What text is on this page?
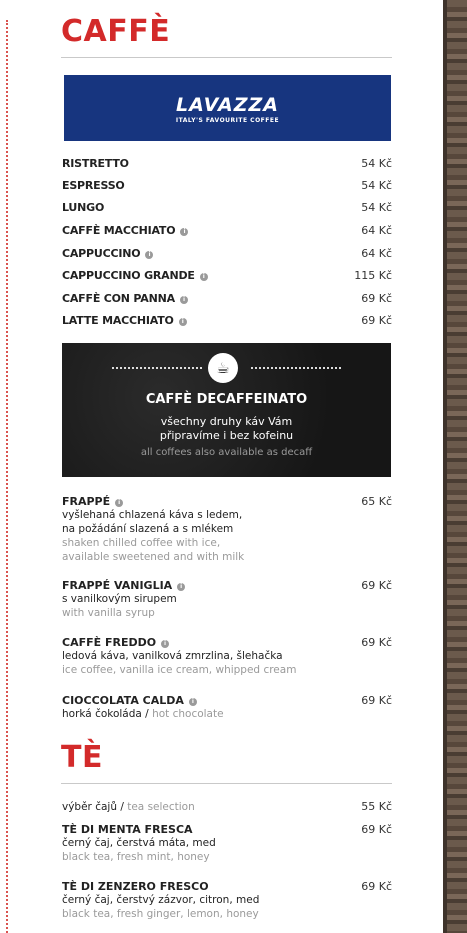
CAFFÈ
LAVAZZA
ITALY'S FAVOURITE COFFEE
RISTRETTO	54 Kč
ESPRESSO	54 Kč
LUNGO	54 Kč
CAFFÈ MACCHIATO i	64 Kč
CAPPUCCINO i	64 Kč
CAPPUCCINO GRANDE i	115 Kč
CAFFÈ CON PANNA i	69 Kč
LATTE MACCHIATO i	69 Kč
☕
CAFFÈ DECAFFEINATO
všechny druhy káv Vám
připravíme i bez kofeinu
all coffees also available as decaff
FRAPPÉ i	65 Kč
vyšlehaná chlazená káva s ledem,
na požádání slazená a s mlékem
shaken chilled coffee with ice,
available sweetened and with milk
FRAPPÉ VANIGLIA i	69 Kč
s vanilkovým sirupem
with vanilla syrup
CAFFÈ FREDDO i	69 Kč
ledová káva, vanilková zmrzlina, šlehačka
ice coffee, vanilla ice cream, whipped cream
CIOCCOLATA CALDA i	69 Kč
horká čokoláda / hot chocolate
TÈ
výběr čajů / tea selection	55 Kč
TÈ DI MENTA FRESCA	69 Kč
černý čaj, čerstvá máta, med
black tea, fresh mint, honey
TÈ DI ZENZERO FRESCO	69 Kč
černý čaj, čerstvý zázvor, citron, med
black tea, fresh ginger, lemon, honey
